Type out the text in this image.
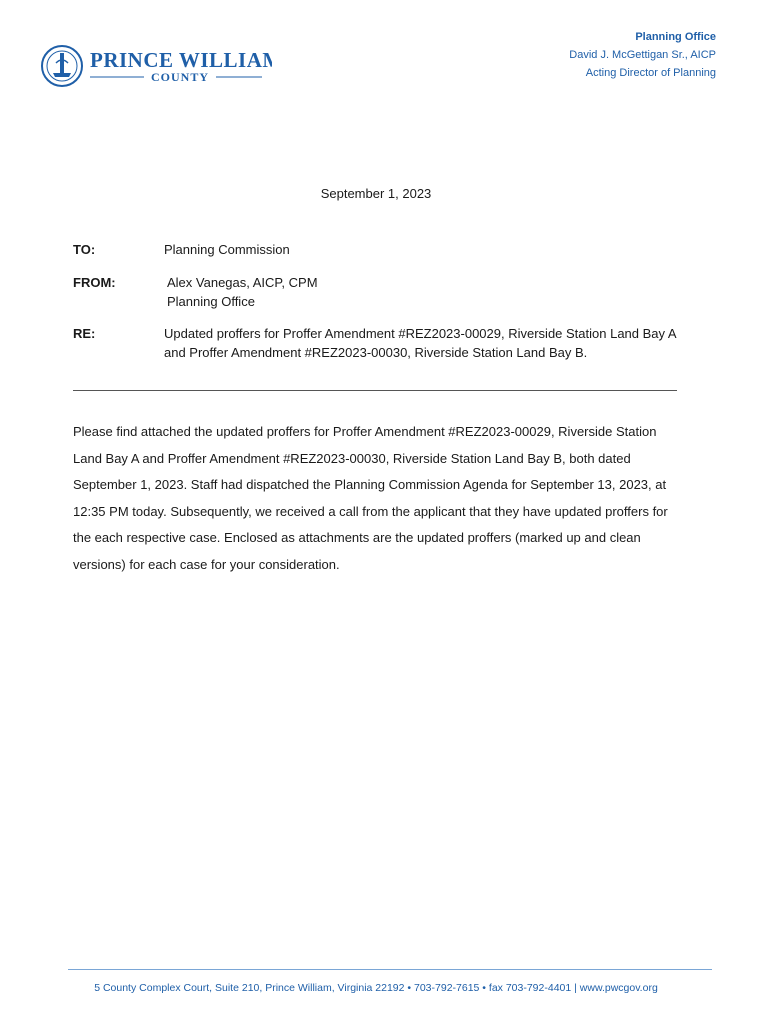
PRINCE WILLIAM
COUNTY
Planning Office
David J. McGettigan Sr., AICP
Acting Director of Planning
September 1, 2023
TO:	Planning Commission
FROM:	Alex Vanegas, AICP, CPM
Planning Office
RE:	Updated proffers for Proffer Amendment #REZ2023-00029, Riverside Station Land Bay A and Proffer Amendment #REZ2023-00030, Riverside Station Land Bay B.
Please find attached the updated proffers for Proffer Amendment #REZ2023-00029, Riverside Station Land Bay A and Proffer Amendment #REZ2023-00030, Riverside Station Land Bay B, both dated September 1, 2023. Staff had dispatched the Planning Commission Agenda for September 13, 2023, at 12:35 PM today. Subsequently, we received a call from the applicant that they have updated proffers for the each respective case. Enclosed as attachments are the updated proffers (marked up and clean versions) for each case for your consideration.
5 County Complex Court, Suite 210, Prince William, Virginia 22192 • 703-792-7615 • fax 703-792-4401 | www.pwcgov.org
